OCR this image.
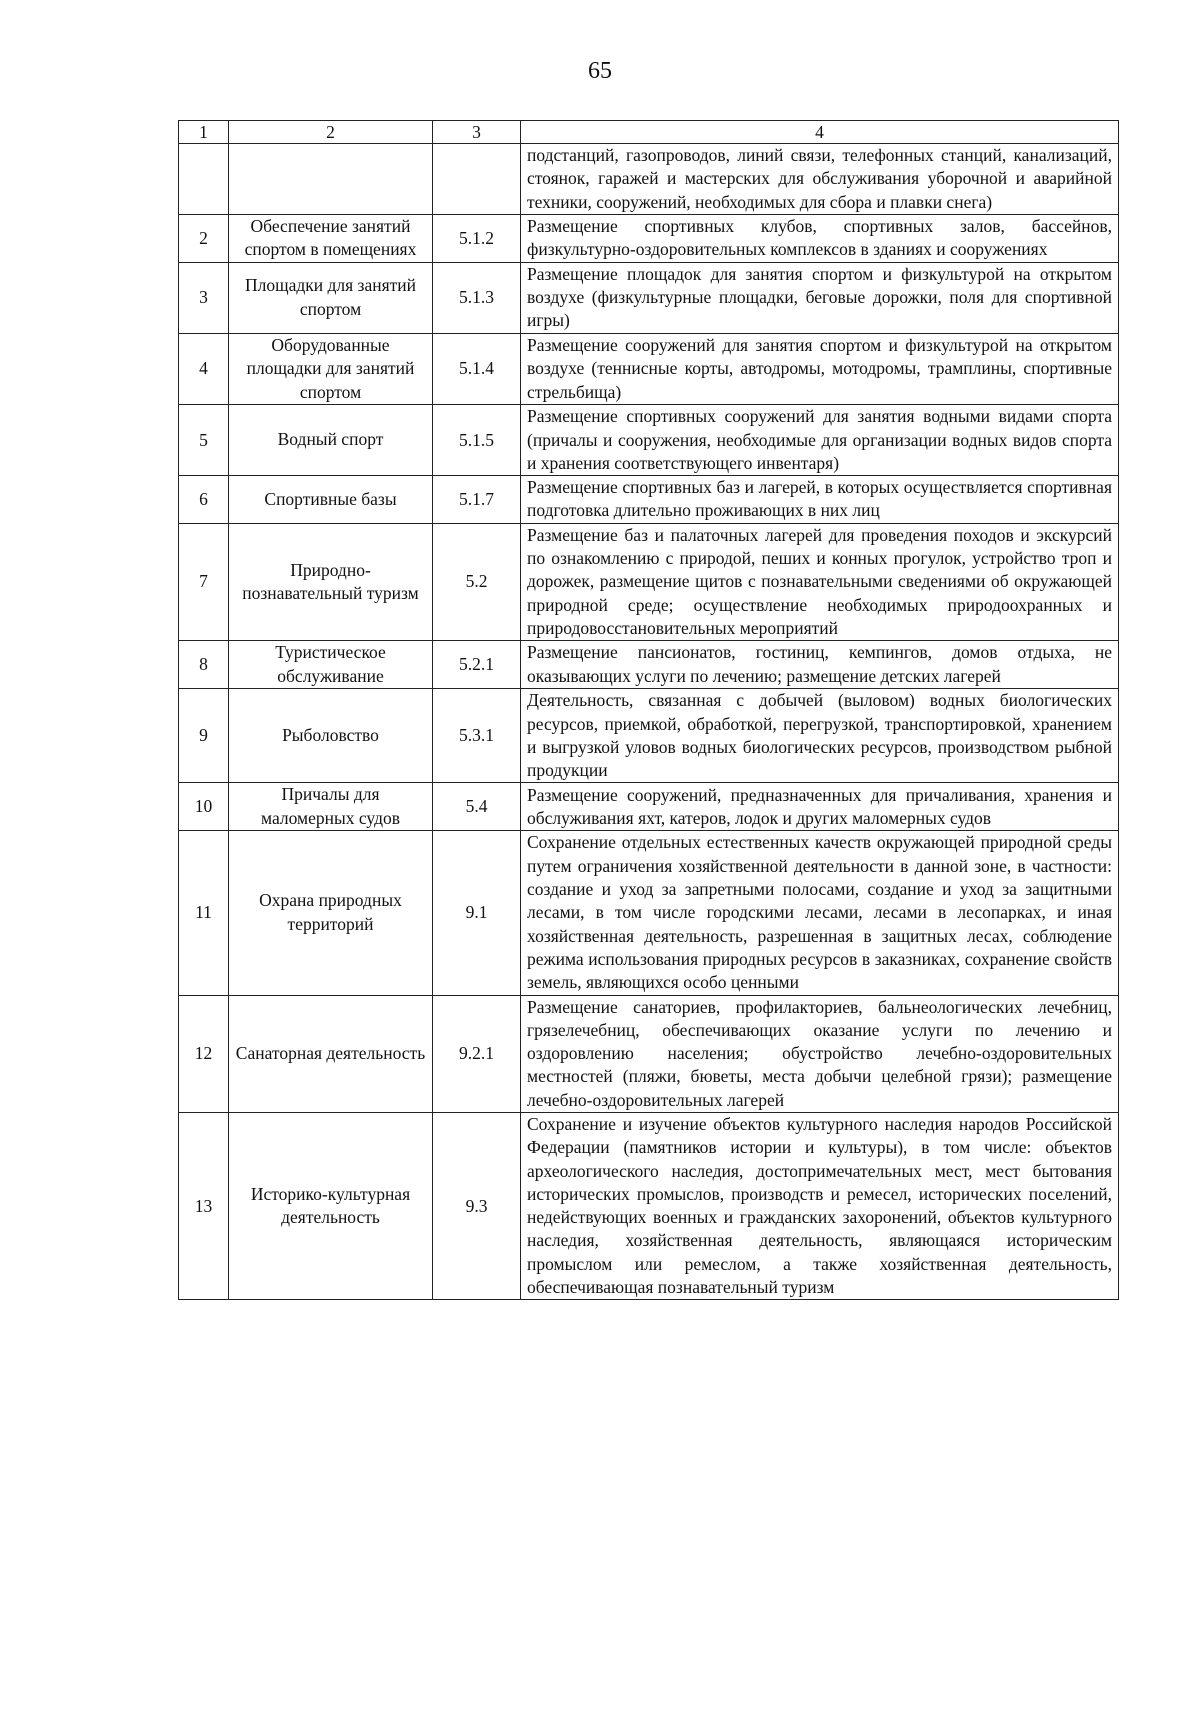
65
1	2	3	4
			подстанций, газопроводов, линий связи, телефонных станций, канализаций, стоянок, гаражей и мастерских для обслуживания уборочной и аварийной техники, сооружений, необходимых для сбора и плавки снега)
2	Обеспечение занятий спортом в помещениях	5.1.2	Размещение спортивных клубов, спортивных залов, бассейнов, физкультурно-оздоровительных комплексов в зданиях и сооружениях
3	Площадки для занятий спортом	5.1.3	Размещение площадок для занятия спортом и физкультурой на открытом воздухе (физкультурные площадки, беговые дорожки, поля для спортивной игры)
4	Оборудованные площадки для занятий спортом	5.1.4	Размещение сооружений для занятия спортом и физкультурой на открытом воздухе (теннисные корты, автодромы, мотодромы, трамплины, спортивные стрельбища)
5	Водный спорт	5.1.5	Размещение спортивных сооружений для занятия водными видами спорта (причалы и сооружения, необходимые для организации водных видов спорта и хранения соответствующего инвентаря)
6	Спортивные базы	5.1.7	Размещение спортивных баз и лагерей, в которых осуществляется спортивная подготовка длительно проживающих в них лиц
7	Природно-познавательный туризм	5.2	Размещение баз и палаточных лагерей для проведения походов и экскурсий по ознакомлению с природой, пеших и конных прогулок, устройство троп и дорожек, размещение щитов с познавательными сведениями об окружающей природной среде; осуществление необходимых природоохранных и природовосстановительных мероприятий
8	Туристическое обслуживание	5.2.1	Размещение пансионатов, гостиниц, кемпингов, домов отдыха, не оказывающих услуги по лечению; размещение детских лагерей
9	Рыболовство	5.3.1	Деятельность, связанная с добычей (выловом) водных биологических ресурсов, приемкой, обработкой, перегрузкой, транспортировкой, хранением и выгрузкой уловов водных биологических ресурсов, производством рыбной продукции
10	Причалы для маломерных судов	5.4	Размещение сооружений, предназначенных для причаливания, хранения и обслуживания яхт, катеров, лодок и других маломерных судов
11	Охрана природных территорий	9.1	Сохранение отдельных естественных качеств окружающей природной среды путем ограничения хозяйственной деятельности в данной зоне, в частности: создание и уход за запретными полосами, создание и уход за защитными лесами, в том числе городскими лесами, лесами в лесопарках, и иная хозяйственная деятельность, разрешенная в защитных лесах, соблюдение режима использования природных ресурсов в заказниках, сохранение свойств земель, являющихся особо ценными
12	Санаторная деятельность	9.2.1	Размещение санаториев, профилакториев, бальнеологических лечебниц, грязелечебниц, обеспечивающих оказание услуги по лечению и оздоровлению населения; обустройство лечебно-оздоровительных местностей (пляжи, бюветы, места добычи целебной грязи); размещение лечебно-оздоровительных лагерей
13	Историко-культурная деятельность	9.3	Сохранение и изучение объектов культурного наследия народов Российской Федерации (памятников истории и культуры), в том числе: объектов археологического наследия, достопримечательных мест, мест бытования исторических промыслов, производств и ремесел, исторических поселений, недействующих военных и гражданских захоронений, объектов культурного наследия, хозяйственная деятельность, являющаяся историческим промыслом или ремеслом, а также хозяйственная деятельность, обеспечивающая познавательный туризм
